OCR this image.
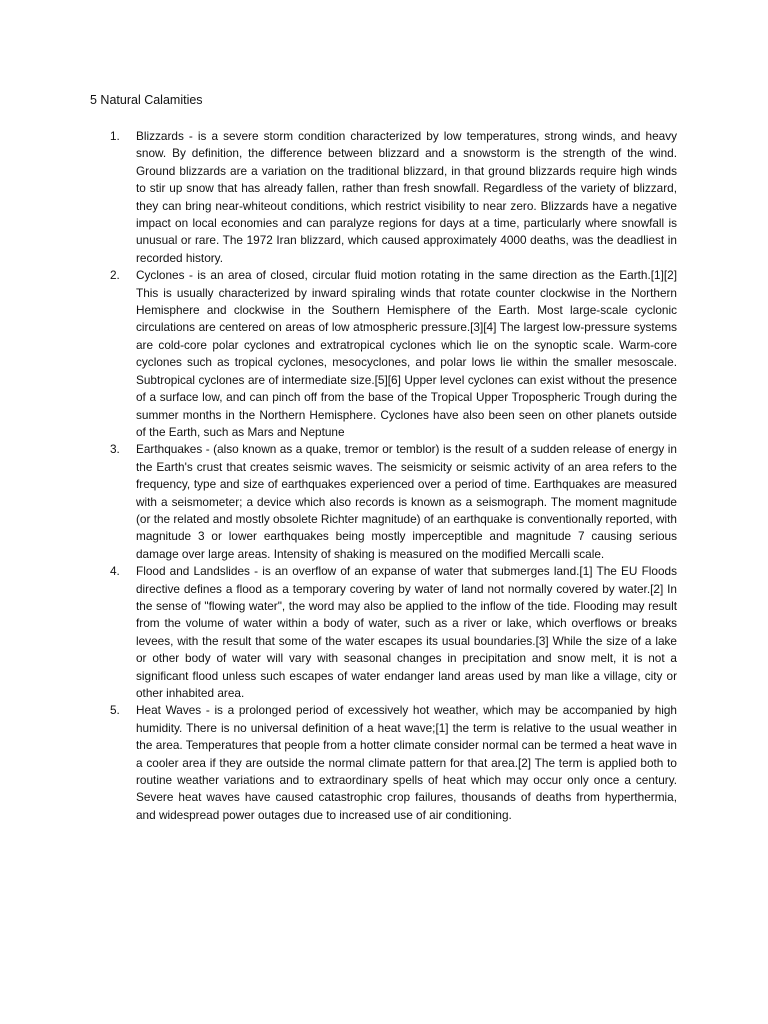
5 Natural Calamities

1.	Blizzards - is a severe storm condition characterized by low temperatures, strong winds, and heavy snow. By definition, the difference between blizzard and a snowstorm is the strength of the wind. Ground blizzards are a variation on the traditional blizzard, in that ground blizzards require high winds to stir up snow that has already fallen, rather than fresh snowfall. Regardless of the variety of blizzard, they can bring near-whiteout conditions, which restrict visibility to near zero. Blizzards have a negative impact on local economies and can paralyze regions for days at a time, particularly where snowfall is unusual or rare. The 1972 Iran blizzard, which caused approximately 4000 deaths, was the deadliest in recorded history.
2.	Cyclones - is an area of closed, circular fluid motion rotating in the same direction as the Earth.[1][2] This is usually characterized by inward spiraling winds that rotate counter clockwise in the Northern Hemisphere and clockwise in the Southern Hemisphere of the Earth. Most large-scale cyclonic circulations are centered on areas of low atmospheric pressure.[3][4] The largest low-pressure systems are cold-core polar cyclones and extratropical cyclones which lie on the synoptic scale. Warm-core cyclones such as tropical cyclones, mesocyclones, and polar lows lie within the smaller mesoscale. Subtropical cyclones are of intermediate size.[5][6] Upper level cyclones can exist without the presence of a surface low, and can pinch off from the base of the Tropical Upper Tropospheric Trough during the summer months in the Northern Hemisphere. Cyclones have also been seen on other planets outside of the Earth, such as Mars and Neptune
3.	Earthquakes - (also known as a quake, tremor or temblor) is the result of a sudden release of energy in the Earth's crust that creates seismic waves. The seismicity or seismic activity of an area refers to the frequency, type and size of earthquakes experienced over a period of time. Earthquakes are measured with a seismometer; a device which also records is known as a seismograph. The moment magnitude (or the related and mostly obsolete Richter magnitude) of an earthquake is conventionally reported, with magnitude 3 or lower earthquakes being mostly imperceptible and magnitude 7 causing serious damage over large areas. Intensity of shaking is measured on the modified Mercalli scale.
4.	Flood and Landslides - is an overflow of an expanse of water that submerges land.[1] The EU Floods directive defines a flood as a temporary covering by water of land not normally covered by water.[2] In the sense of "flowing water", the word may also be applied to the inflow of the tide. Flooding may result from the volume of water within a body of water, such as a river or lake, which overflows or breaks levees, with the result that some of the water escapes its usual boundaries.[3] While the size of a lake or other body of water will vary with seasonal changes in precipitation and snow melt, it is not a significant flood unless such escapes of water endanger land areas used by man like a village, city or other inhabited area.
5.	Heat Waves - is a prolonged period of excessively hot weather, which may be accompanied by high humidity. There is no universal definition of a heat wave;[1] the term is relative to the usual weather in the area. Temperatures that people from a hotter climate consider normal can be termed a heat wave in a cooler area if they are outside the normal climate pattern for that area.[2] The term is applied both to routine weather variations and to extraordinary spells of heat which may occur only once a century. Severe heat waves have caused catastrophic crop failures, thousands of deaths from hyperthermia, and widespread power outages due to increased use of air conditioning.
